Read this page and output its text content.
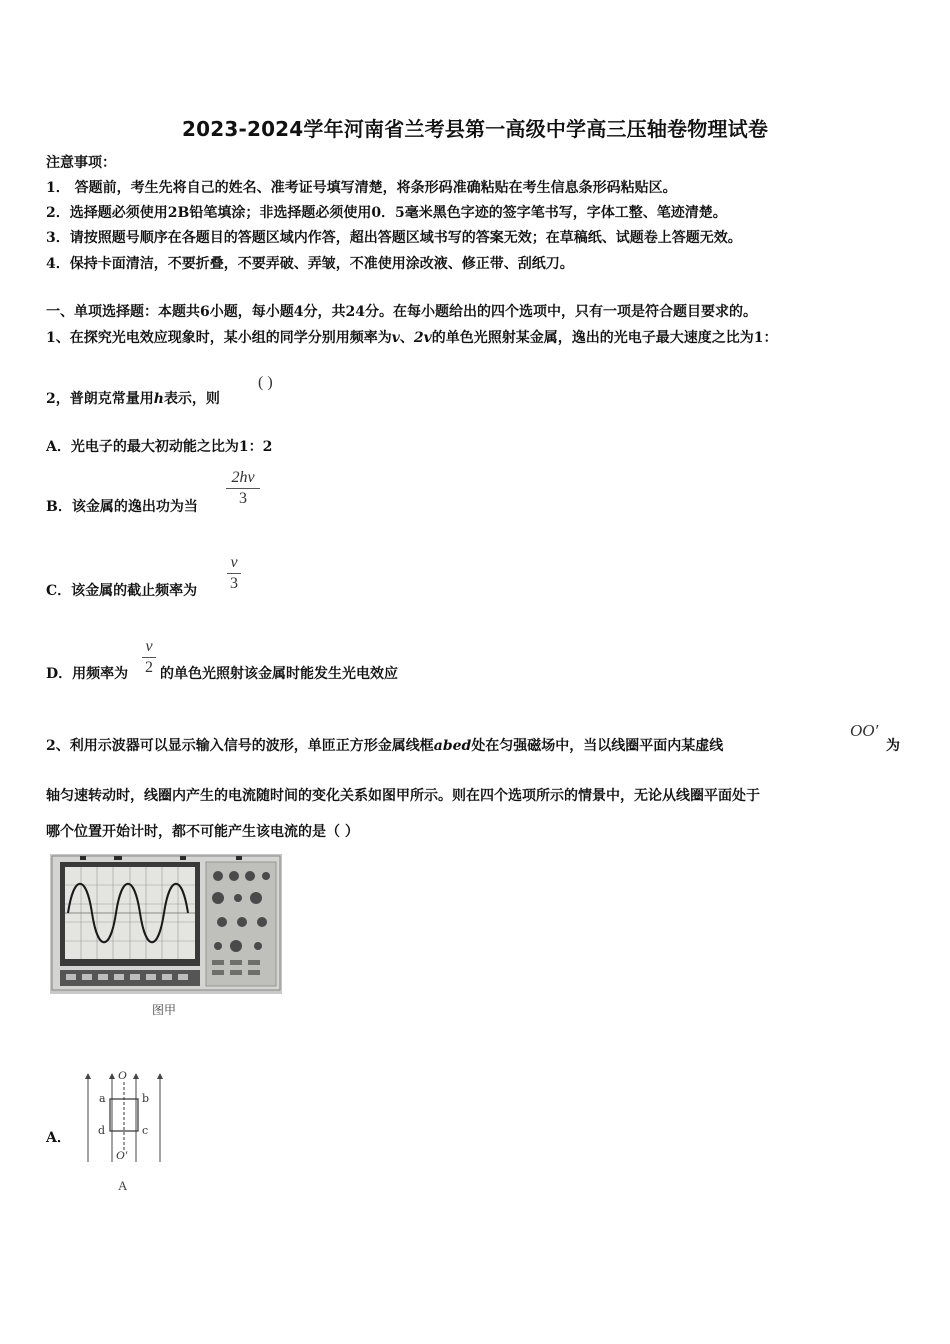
2023-2024学年河南省兰考县第一高级中学高三压轴卷物理试卷
注意事项：
1． 答题前，考生先将自己的姓名、准考证号填写清楚，将条形码准确粘贴在考生信息条形码粘贴区。
2．选择题必须使用2B铅笔填涂；非选择题必须使用0．5毫米黑色字迹的签字笔书写，字体工整、笔迹清楚。
3．请按照题号顺序在各题目的答题区域内作答，超出答题区域书写的答案无效；在草稿纸、试题卷上答题无效。
4．保持卡面清洁，不要折叠，不要弄破、弄皱，不准使用涂改液、修正带、刮纸刀。
一、单项选择题：本题共6小题，每小题4分，共24分。在每小题给出的四个选项中，只有一项是符合题目要求的。
1、在探究光电效应现象时，某小组的同学分别用频率为v、2v的单色光照射某金属，逸出的光电子最大速度之比为1：
2，普朗克常量用h表示，则
( )
A．光电子的最大初动能之比为1：2
B．该金属的逸出功为当
2hv
3
C．该金属的截止频率为
v
3
D．用频率为
v
2 的单色光照射该金属时能发生光电效应
2、利用示波器可以显示输入信号的波形，单匝正方形金属线框abed处在匀强磁场中，当以线圈平面内某虚线
OO′
为
轴匀速转动时，线圈内产生的电流随时间的变化关系如图甲所示。则在四个选项所示的情景中，无论从线圈平面处于
哪个位置开始计时，都不可能产生该电流的是（ ）
图甲
A．
O
O′
a	b
c
d
A
